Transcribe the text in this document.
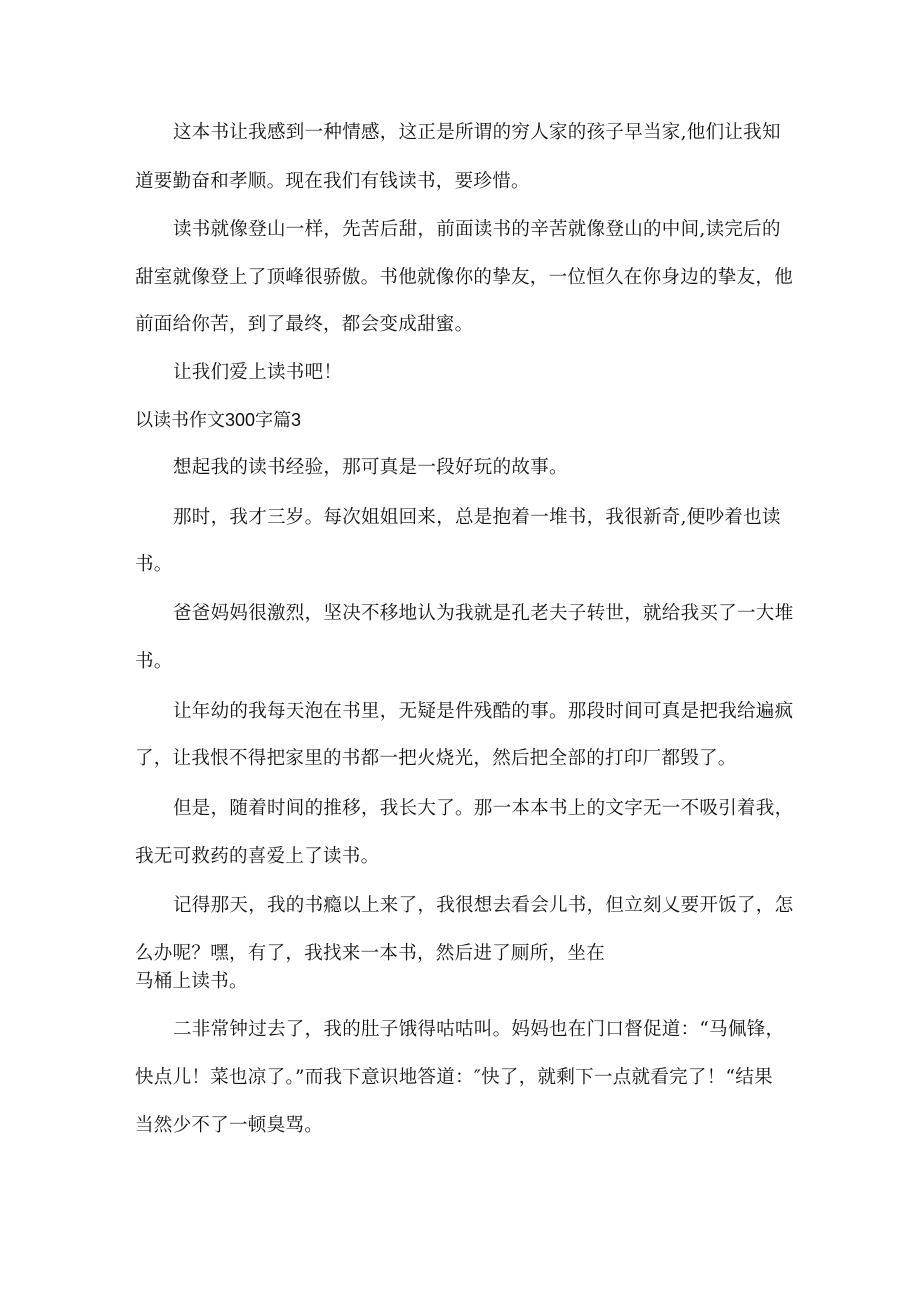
这本书让我感到一种情感，这正是所谓的穷人家的孩子早当家,他们让我知
道要勤奋和孝顺。现在我们有钱读书，要珍惜。
读书就像登山一样，先苦后甜，前面读书的辛苦就像登山的中间,读完后的
甜室就像登上了顶峰很骄傲。书他就像你的挚友，一位恒久在你身边的挚友，他
前面给你苦，到了最终，都会变成甜蜜。
让我们爱上读书吧！
以读书作文300字篇3
想起我的读书经验，那可真是一段好玩的故事。
那时，我才三岁。每次姐姐回来，总是抱着一堆书，我很新奇,便吵着也读
书。
爸爸妈妈很激烈，坚决不移地认为我就是孔老夫子转世，就给我买了一大堆
书。
让年幼的我每天泡在书里，无疑是件残酷的事。那段时间可真是把我给遍疯
了，让我恨不得把家里的书都一把火烧光，然后把全部的打印厂都毁了。
但是，随着时间的推移，我长大了。那一本本书上的文字无一不吸引着我，
我无可救药的喜爱上了读书。
记得那天，我的书瘾以上来了，我很想去看会儿书，但立刻乂要开饭了，怎
么办呢？嘿，有了，我找来一本书，然后进了厕所，坐在
马桶上读书。
二非常钟过去了，我的肚子饿得咕咕叫。妈妈也在门口督促道：“马佩锋，
快点儿！菜也凉了。”而我下意识地答道：″快了，就剩下一点就看完了！“结果
当然少不了一顿臭骂。
